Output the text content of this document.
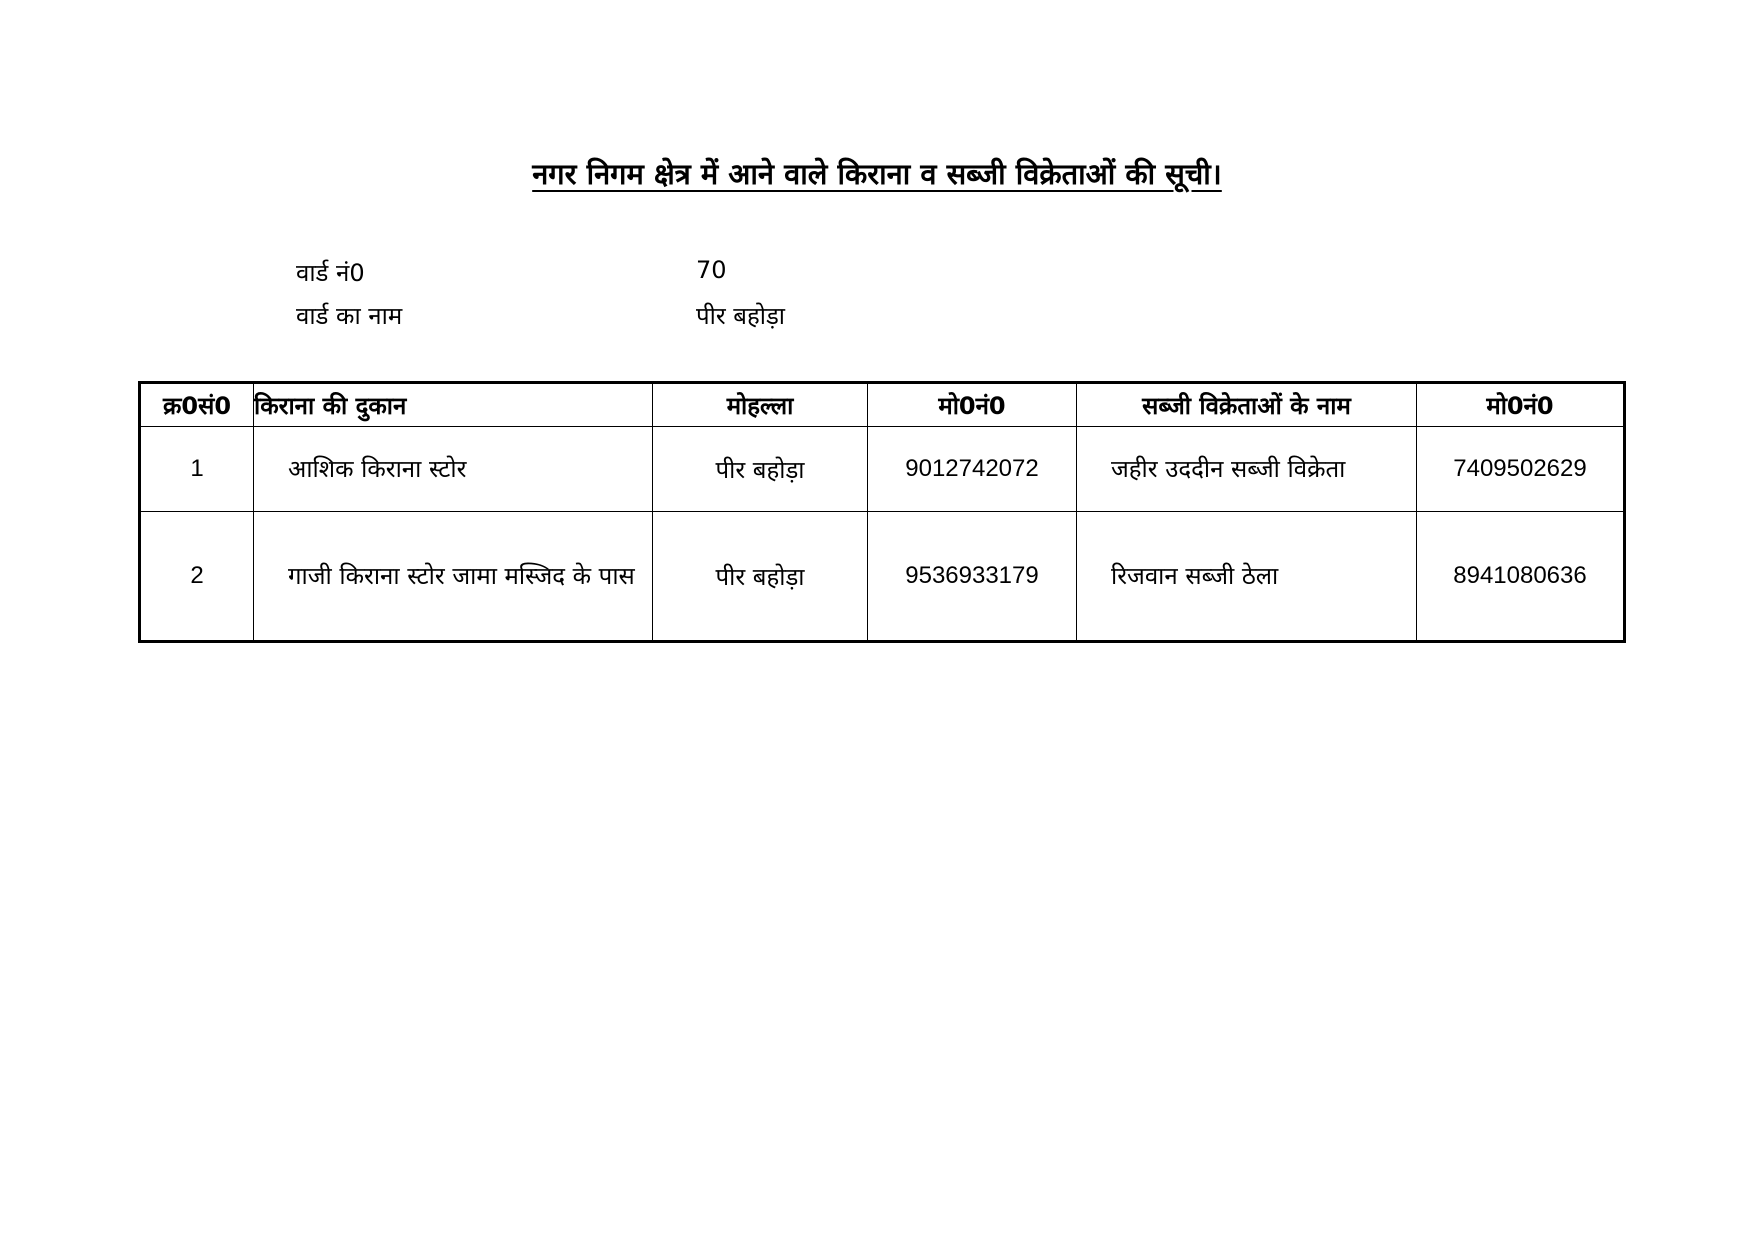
नगर निगम क्षेत्र में आने वाले किराना व सब्जी विक्रेताओं की सूची।
वार्ड नं0	70
वार्ड का नाम	पीर बहोड़ा
क्र0सं0	किराना की दुकान	मोहल्ला	मो0नं0	सब्जी विक्रेताओं के नाम	मो0नं0
1	आशिक किराना स्टोर	पीर बहोड़ा	9012742072	जहीर उददीन सब्जी विक्रेता	7409502629
2	गाजी किराना स्टोर जामा मस्जिद के पास	पीर बहोड़ा	9536933179	रिजवान सब्जी ठेला	8941080636
